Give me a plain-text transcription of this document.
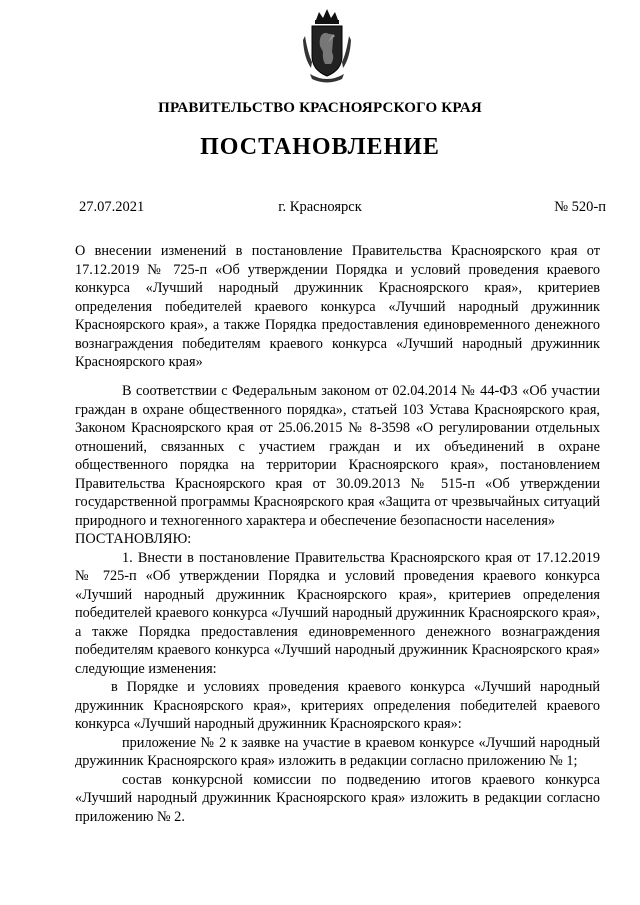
ПРАВИТЕЛЬСТВО КРАСНОЯРСКОГО КРАЯ
ПОСТАНОВЛЕНИЕ
27.07.2021	г. Красноярск	№ 520-п
О внесении изменений в постановление Правительства Красноярского края от 17.12.2019 № 725-п «Об утверждении Порядка и условий проведения краевого конкурса «Лучший народный дружинник Красноярского края», критериев определения победителей краевого конкурса «Лучший народный дружинник Красноярского края», а также Порядка предоставления единовременного денежного вознаграждения победителям краевого конкурса «Лучший народный дружинник Красноярского края»

В соответствии с Федеральным законом от 02.04.2014 № 44-ФЗ «Об участии граждан в охране общественного порядка», статьей 103 Устава Красноярского края, Законом Красноярского края от 25.06.2015 № 8-3598 «О регулировании отдельных отношений, связанных с участием граждан и их объединений в охране общественного порядка на территории Красноярского края», постановлением Правительства Красноярского края от 30.09.2013 № 515-п «Об утверждении государственной программы Красноярского края «Защита от чрезвычайных ситуаций природного и техногенного характера и обеспечение безопасности населения»

ПОСТАНОВЛЯЮ:

1. Внести в постановление Правительства Красноярского края от 17.12.2019 № 725-п «Об утверждении Порядка и условий проведения краевого конкурса «Лучший народный дружинник Красноярского края», критериев определения победителей краевого конкурса «Лучший народный дружинник Красноярского края», а также Порядка предоставления единовременного денежного вознаграждения победителям краевого конкурса «Лучший народный дружинник Красноярского края» следующие изменения:

в Порядке и условиях проведения краевого конкурса «Лучший народный дружинник Красноярского края», критериях определения победителей краевого конкурса «Лучший народный дружинник Красноярского края»:

приложение № 2 к заявке на участие в краевом конкурсе «Лучший народный дружинник Красноярского края» изложить в редакции согласно приложению № 1;

состав конкурсной комиссии по подведению итогов краевого конкурса «Лучший народный дружинник Красноярского края» изложить в редакции согласно приложению № 2.
